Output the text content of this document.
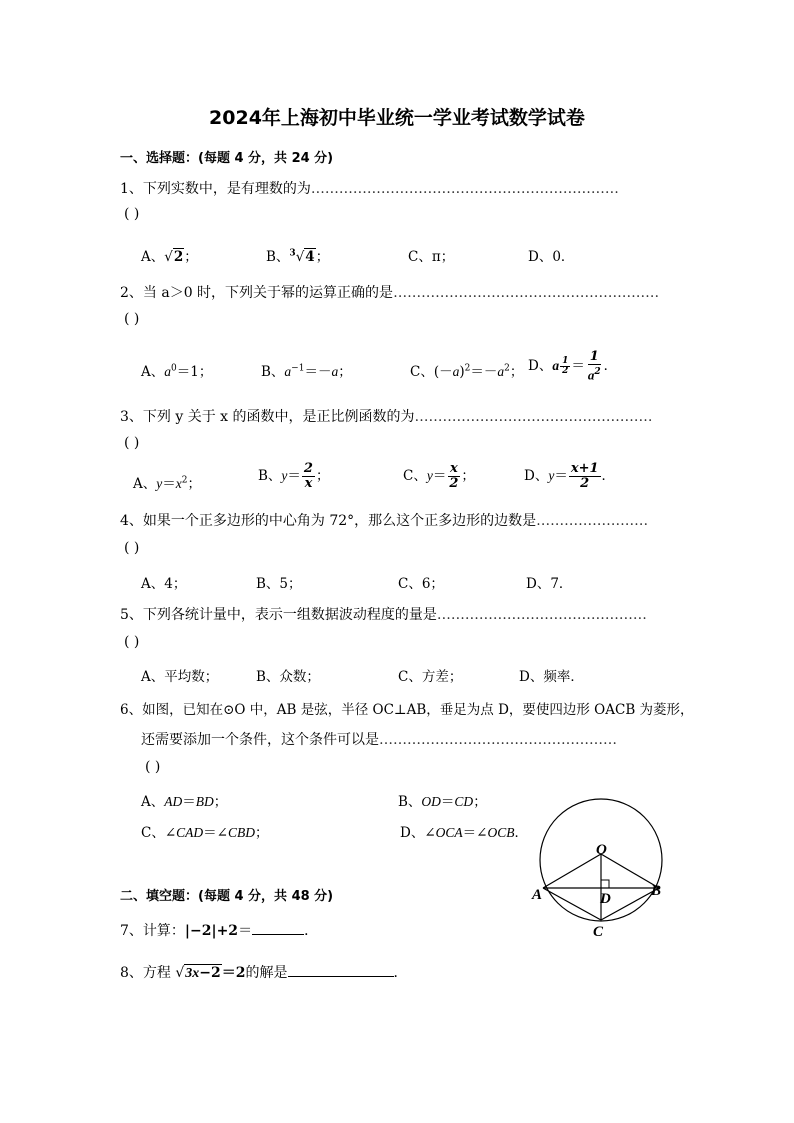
2024年上海初中毕业统一学业考试数学试卷
一、选择题：(每题 4 分，共 24 分)
1、下列实数中，是有理数的为…………………………………………………………
( )
A、√2；	B、$^3$√4；	C、π；	D、0．
2、当 a＞0 时，下列关于幂的运算正确的是…………………………………………………
( )
A、$a^0=1$；	B、$a^{-1}=-a$；	C、$(-a)^2=-a^2$； D、a $\frac{1}{2} = \frac{1}{a^2}$ ．
3、下列 y 关于 x 的函数中，是正比例函数的为……………………………………………
( )
A、$y=x^2$；	B、$y= \frac{2}{x}$ ；	C、$y= \frac{x}{2}$ ；	D、$y= \frac{x+1}{2}$ ．
4、如果一个正多边形的中心角为 72°，那么这个正多边形的边数是……………………
( )
A、4；	B、5；	C、6；	D、7．
5、下列各统计量中，表示一组数据波动程度的量是………………………………………
( )
A、平均数；	B、众数；	C、方差；	D、频率．
6、如图，已知在⊙O 中，AB 是弦，半径 OC⊥AB，垂足为点 D，要使四边形 OACB 为菱形，
还需要添加一个条件，这个条件可以是……………………………………………
( )
A、AD＝BD；	B、OD＝CD；
C、∠CAD＝∠CBD；	D、∠OCA＝∠OCB．
O
A	B
C
D
二、填空题：(每题 4 分，共 48 分)
7、计算：|−2|+2＝	．
8、方程 √3x−2＝2的解是	．
